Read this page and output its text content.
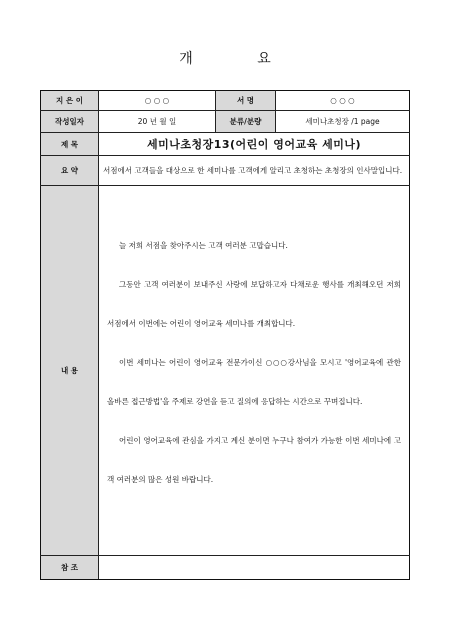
개 요
지 은 이	○ ○ ○	서 명	○ ○ ○
작성일자	20 년 월 일	분류/분량	세미나초청장 /1 page
제 목	세미나초청장13(어린이 영어교육 세미나)		
요 약	서점에서 고객들을 대상으로 한 세미나를 고객에게 알리고 초청하는 초청장의 인사말입니다.		
내 용	늘 저희 서점을 찾아주시는 고객 여러분 고맙습니다.

그동안 고객 여러분이 보내주신 사랑에 보답하고자 다채로운 행사를 개최해오던 저희 서점에서 이번에는 어린이 영어교육 세미나를 개최합니다.

이번 세미나는 어린이 영어교육 전문가이신 ○○○강사님을 모시고 '영어교육에 관한 올바른 접근방법'을 주제로 강연을 듣고 질의에 응답하는 시간으로 꾸며집니다.

어린이 영어교육에 관심을 가지고 계신 분이면 누구나 참여가 가능한 이번 세미나에 고객 여러분의 많은 성원 바랍니다.		

참 조			
